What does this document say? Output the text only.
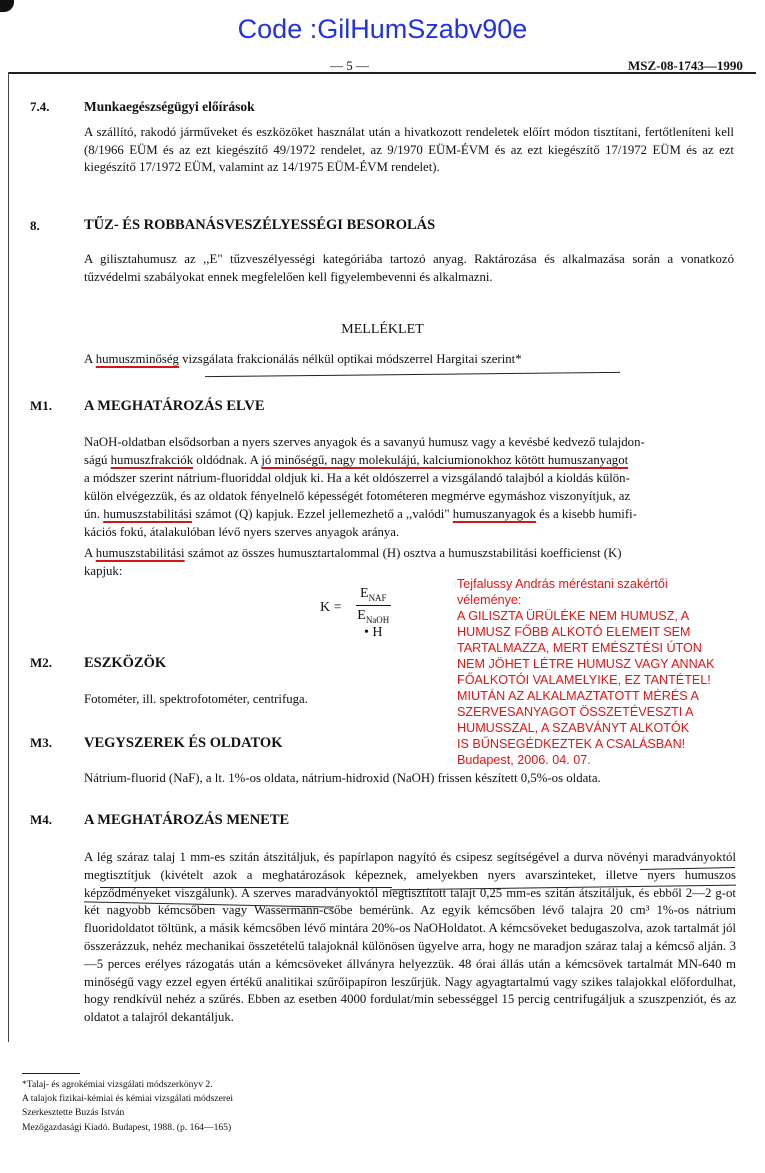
Code :GilHumSzabv90e
— 5 —	MSZ-08-1743—1990
7.4.	Munkaegészségügyi előírások
A szállító, rakodó járműveket és eszközöket használat után a hivatkozott rendeletek előírt módon tisztítani, fertőtleníteni kell (8/1966 EÜM és az ezt kiegészítő 49/1972 rendelet, az 9/1970 EÜM-ÉVM és az ezt kiegészítő 17/1972 EÜM és az ezt kiegészítő 17/1972 EÜM, valamint az 14/1975 EÜM-ÉVM rendelet).
8.	TŰZ- ÉS ROBBANÁSVESZÉLYESSÉGI BESOROLÁS
A gilisztahumusz az ,,E" tűzveszélyességi kategóriába tartozó anyag. Raktározása és alkalmazása során a vonatkozó tűzvédelmi szabályokat ennek megfelelően kell figyelembevenni és alkalmazni.
MELLÉKLET
A humuszminőség vizsgálata frakcionálás nélkül optikai módszerrel Hargitai szerint*
M1. A MEGHATÁROZÁS ELVE
NaOH-oldatban elsődsorban a nyers szerves anyagok és a savanyú humusz vagy a kevésbé kedvező tulajdon-
ságú humuszfrakciók oldódnak. A jó minőségű, nagy molekulájú, kalciumionokhoz kötött humuszanyagot
a módszer szerint nátrium-fluoriddal oldjuk ki. Ha a két oldószerrel a vizsgálandó talajból a kioldás külön-
külön elvégezzük, és az oldatok fényelnelő képességét fotométeren megmérve egymáshoz viszonyítjuk, az
ún. humuszstabilitási számot (Q) kapjuk. Ezzel jellemezhető a ,,valódi" humuszanyagok és a kisebb humifi-
kációs fokú, átalakulóban lévő nyers szerves anyagok aránya.
A humuszstabilitási számot az összes humusztartalommal (H) osztva a humuszstabilitási koefficienst (K)
kapjuk:
K =
$E_{NAF}$
$E_{NaOH}$ • H
Tejfalussy András méréstani szakértői
véleménye:
A GILISZTA ÜRÜLÉKE NEM HUMUSZ, A
HUMUSZ FŐBB ALKOTÓ ELEMEIT SEM
TARTALMAZZA, MERT EMÉSZTÉSI ÚTON
NEM JÖHET LÉTRE HUMUSZ VAGY ANNAK
FŐALKOTÓI VALAMELYIKE, EZ TANTÉTEL!
MIUTÁN AZ ALKALMAZTATOTT MÉRÉS A
SZERVESANYAGOT ÖSSZETÉVESZTI A
HUMUSSZAL, A SZABVÁNYT ALKOTÓK
IS BŰNSEGÉDKEZTEK A CSALÁSBAN!
Budapest, 2006. 04. 07.
M2. ESZKÖZÖK
Fotométer, ill. spektrofotométer, centrifuga.
M3. VEGYSZEREK ÉS OLDATOK
Nátrium-fluorid (NaF), a lt. 1%-os oldata, nátrium-hidroxid (NaOH) frissen készített 0,5%-os oldata.
M4. A MEGHATÁROZÁS MENETE
A lég száraz talaj 1 mm-es szitán átszitáljuk, és papírlapon nagyító és csipesz segítségével a durva növényi maradványoktól megtisztítjuk (kivételt azok a meghatározások képeznek, amelyekben nyers avarszinteket, illetve nyers humuszos képződményeket viszgálunk). A szerves maradványoktól megtisztított talajt 0,25 mm-es szitán átszitáljuk, és ebből 2—2 g-ot két nagyobb kémcsőben vagy Wassermann-csőbe bemérünk. Az egyik kémcsőben lévő talajra 20 cm³ 1%-os nátrium fluoridoldatot töltünk, a másik kémcsőben lévő mintára 20%-os NaOHoldatot. A kémcsöveket bedugaszolva, azok tartalmát jól összerázzuk, nehéz mechanikai összetételű talajoknál különösen ügyelve arra, hogy ne maradjon száraz talaj a kémcső alján. 3—5 perces erélyes rázogatás után a kémcsöveket állványra helyezzük. 48 órai állás után a kémcsövek tartalmát MN-640 m minőségű vagy ezzel egyen értékű analitikai szűrőipapíron leszűrjük. Nagy agyagtartalmú vagy szikes talajokkal előfordulhat, hogy rendkívül nehéz a szűrés. Ebben az esetben 4000 fordulat/min sebességgel 15 percig centrifugáljuk a szuszpenziót, és az oldatot a talajról dekantáljuk.
*Talaj- és agrokémiai vizsgálati módszerkönyv 2.
A talajok fizikai-kémiai és kémiai vizsgálati módszerei
Szerkesztette Buzás István
Mezőgazdasági Kiadó. Budapest, 1988. (p. 164—165)
